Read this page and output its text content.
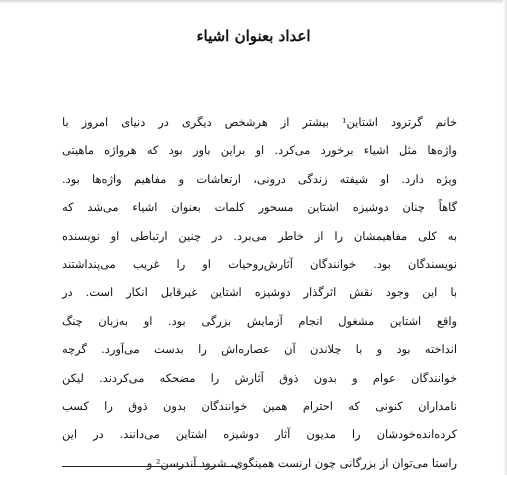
اعداد بعنوان اشیاء
خانم گرترود اشتاین¹ بیشتر از هرشخص دیگری در دنیای امروز با
واژه‌ها مثل اشیاء برخورد می‌کرد. او براین باور بود که هرواژه ماهیتی
ویژه دارد. او شیفته زندگی درونی، ارتعاشات و مفاهیم واژه‌ها بود.
گاهاً چنان دوشیزه اشتاین مسحور کلمات بعنوان اشیاء می‌شد که
به کلی مفاهیمشان را از خاطر می‌برد. در چنین ارتباطی او نویسنده
نویسندگان بود. خوانندگان آثارش‌روحیات او را غریب می‌پنداشتند
با این وجود نقش اثرگذار دوشیزه اشتاین غیرقابل انکار است. در
واقع اشتاین مشغول انجام آزمایش بزرگی بود. او به‌زبان چنگ
انداخته بود و با چلاندن آن عصاره‌اش را بدست می‌آورد. گرچه
خوانندگان عوام و بدون ذوق آثارش را مضحکه می‌کردند. لیکن
نامداران کنونی که احترام همین خوانندگان بدون ذوق را کسب
کرده‌اند‌ه‌خودشان را مدیون آثار دوشیزه اشتاین می‌دانند. در این
راستا می‌توان از بزرگانی چون ارنست همینگوی، شرود آندرسن² و
